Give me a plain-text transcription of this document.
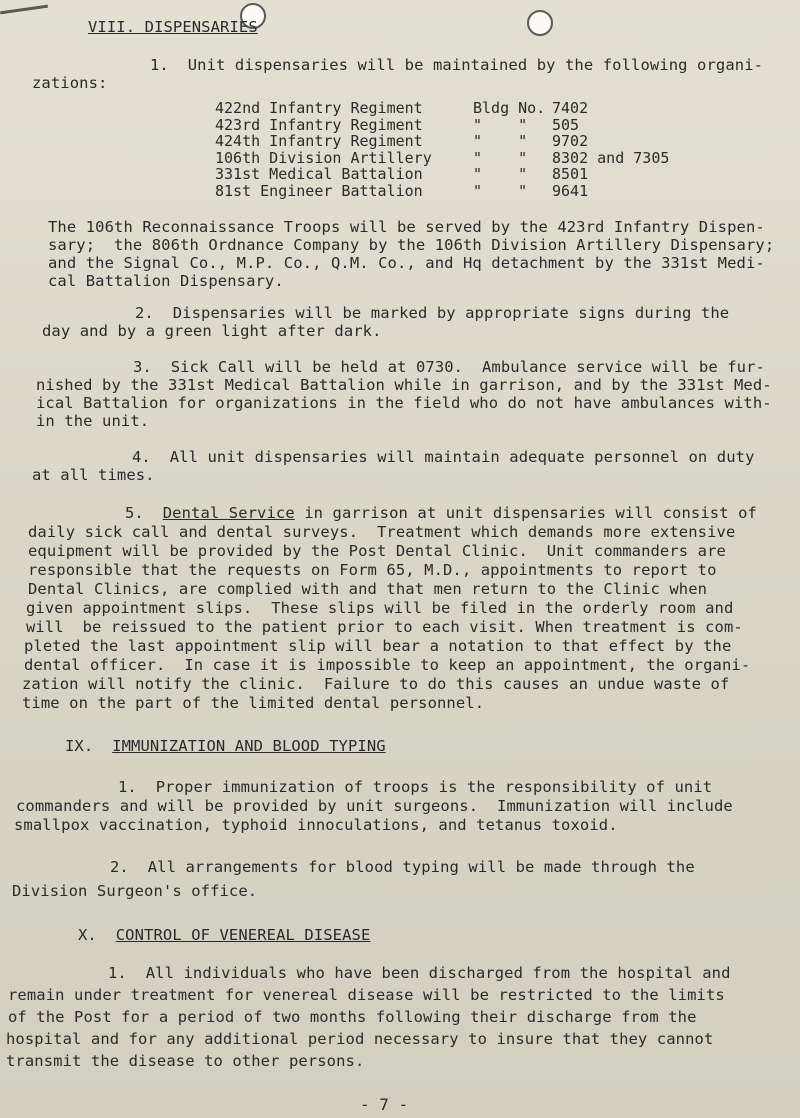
VIII. DISPENSARIES
1.  Unit dispensaries will be maintained by the following organi-
zations:
422nd Infantry Regiment	Bldg No. 7402
423rd Infantry Regiment	"    " 505
424th Infantry Regiment	"    " 9702
106th Division Artillery	"    " 8302 and 7305
331st Medical Battalion	"    " 8501
81st Engineer Battalion	"    " 9641
The 106th Reconnaissance Troops will be served by the 423rd Infantry Dispen-
sary;  the 806th Ordnance Company by the 106th Division Artillery Dispensary;
and the Signal Co., M.P. Co., Q.M. Co., and Hq detachment by the 331st Medi-
cal Battalion Dispensary.
2.  Dispensaries will be marked by appropriate signs during the
day and by a green light after dark.
3.  Sick Call will be held at 0730.  Ambulance service will be fur-
nished by the 331st Medical Battalion while in garrison, and by the 331st Med-
ical Battalion for organizations in the field who do not have ambulances with-
in the unit.
4.  All unit dispensaries will maintain adequate personnel on duty
at all times.
5.  Dental Service in garrison at unit dispensaries will consist of
daily sick call and dental surveys.  Treatment which demands more extensive
equipment will be provided by the Post Dental Clinic.  Unit commanders are
responsible that the requests on Form 65, M.D., appointments to report to
Dental Clinics, are complied with and that men return to the Clinic when
given appointment slips.  These slips will be filed in the orderly room and
will  be reissued to the patient prior to each visit. When treatment is com-
pleted the last appointment slip will bear a notation to that effect by the
dental officer.  In case it is impossible to keep an appointment, the organi-
zation will notify the clinic.  Failure to do this causes an undue waste of
time on the part of the limited dental personnel.
IX. IMMUNIZATION AND BLOOD TYPING
1.  Proper immunization of troops is the responsibility of unit
commanders and will be provided by unit surgeons.  Immunization will include
smallpox vaccination, typhoid innoculations, and tetanus toxoid.
2.  All arrangements for blood typing will be made through the
Division Surgeon's office.
X. CONTROL OF VENEREAL DISEASE
1.  All individuals who have been discharged from the hospital and
remain under treatment for venereal disease will be restricted to the limits
of the Post for a period of two months following their discharge from the
hospital and for any additional period necessary to insure that they cannot
transmit the disease to other persons.
- 7 -
